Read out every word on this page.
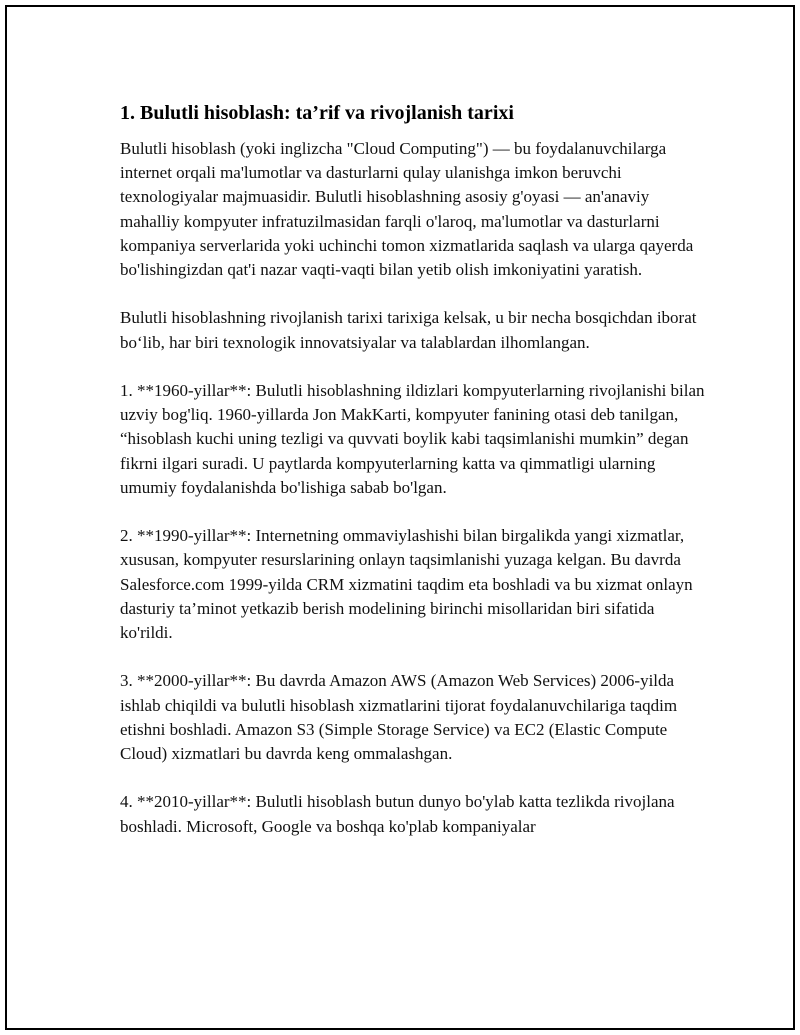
1. Bulutli hisoblash: ta’rif va rivojlanish tarixi

Bulutli hisoblash (yoki inglizcha "Cloud Computing") — bu foydalanuvchilarga internet orqali ma'lumotlar va dasturlarni qulay ulanishga imkon beruvchi texnologiyalar majmuasidir. Bulutli hisoblashning asosiy g'oyasi — an'anaviy mahalliy kompyuter infratuzilmasidan farqli o'laroq, ma'lumotlar va dasturlarni kompaniya serverlarida yoki uchinchi tomon xizmatlarida saqlash va ularga qayerda bo'lishingizdan qat'i nazar vaqti-vaqti bilan yetib olish imkoniyatini yaratish.

Bulutli hisoblashning rivojlanish tarixi tarixiga kelsak, u bir necha bosqichdan iborat bo‘lib, har biri texnologik innovatsiyalar va talablardan ilhomlangan.

1. **1960-yillar**: Bulutli hisoblashning ildizlari kompyuterlarning rivojlanishi bilan uzviy bog'liq. 1960-yillarda Jon MakKarti, kompyuter fanining otasi deb tanilgan, “hisoblash kuchi uning tezligi va quvvati boylik kabi taqsimlanishi mumkin” degan fikrni ilgari suradi. U paytlarda kompyuterlarning katta va qimmatligi ularning umumiy foydalanishda bo'lishiga sabab bo'lgan.

2. **1990-yillar**: Internetning ommaviylashishi bilan birgalikda yangi xizmatlar, xususan, kompyuter resurslarining onlayn taqsimlanishi yuzaga kelgan. Bu davrda Salesforce.com 1999-yilda CRM xizmatini taqdim eta boshladi va bu xizmat onlayn dasturiy ta’minot yetkazib berish modelining birinchi misollaridan biri sifatida ko'rildi.

3. **2000-yillar**: Bu davrda Amazon AWS (Amazon Web Services) 2006-yilda ishlab chiqildi va bulutli hisoblash xizmatlarini tijorat foydalanuvchilariga taqdim etishni boshladi. Amazon S3 (Simple Storage Service) va EC2 (Elastic Compute Cloud) xizmatlari bu davrda keng ommalashgan.

4. **2010-yillar**: Bulutli hisoblash butun dunyo bo'ylab katta tezlikda rivojlana boshladi. Microsoft, Google va boshqa ko'plab kompaniyalar
